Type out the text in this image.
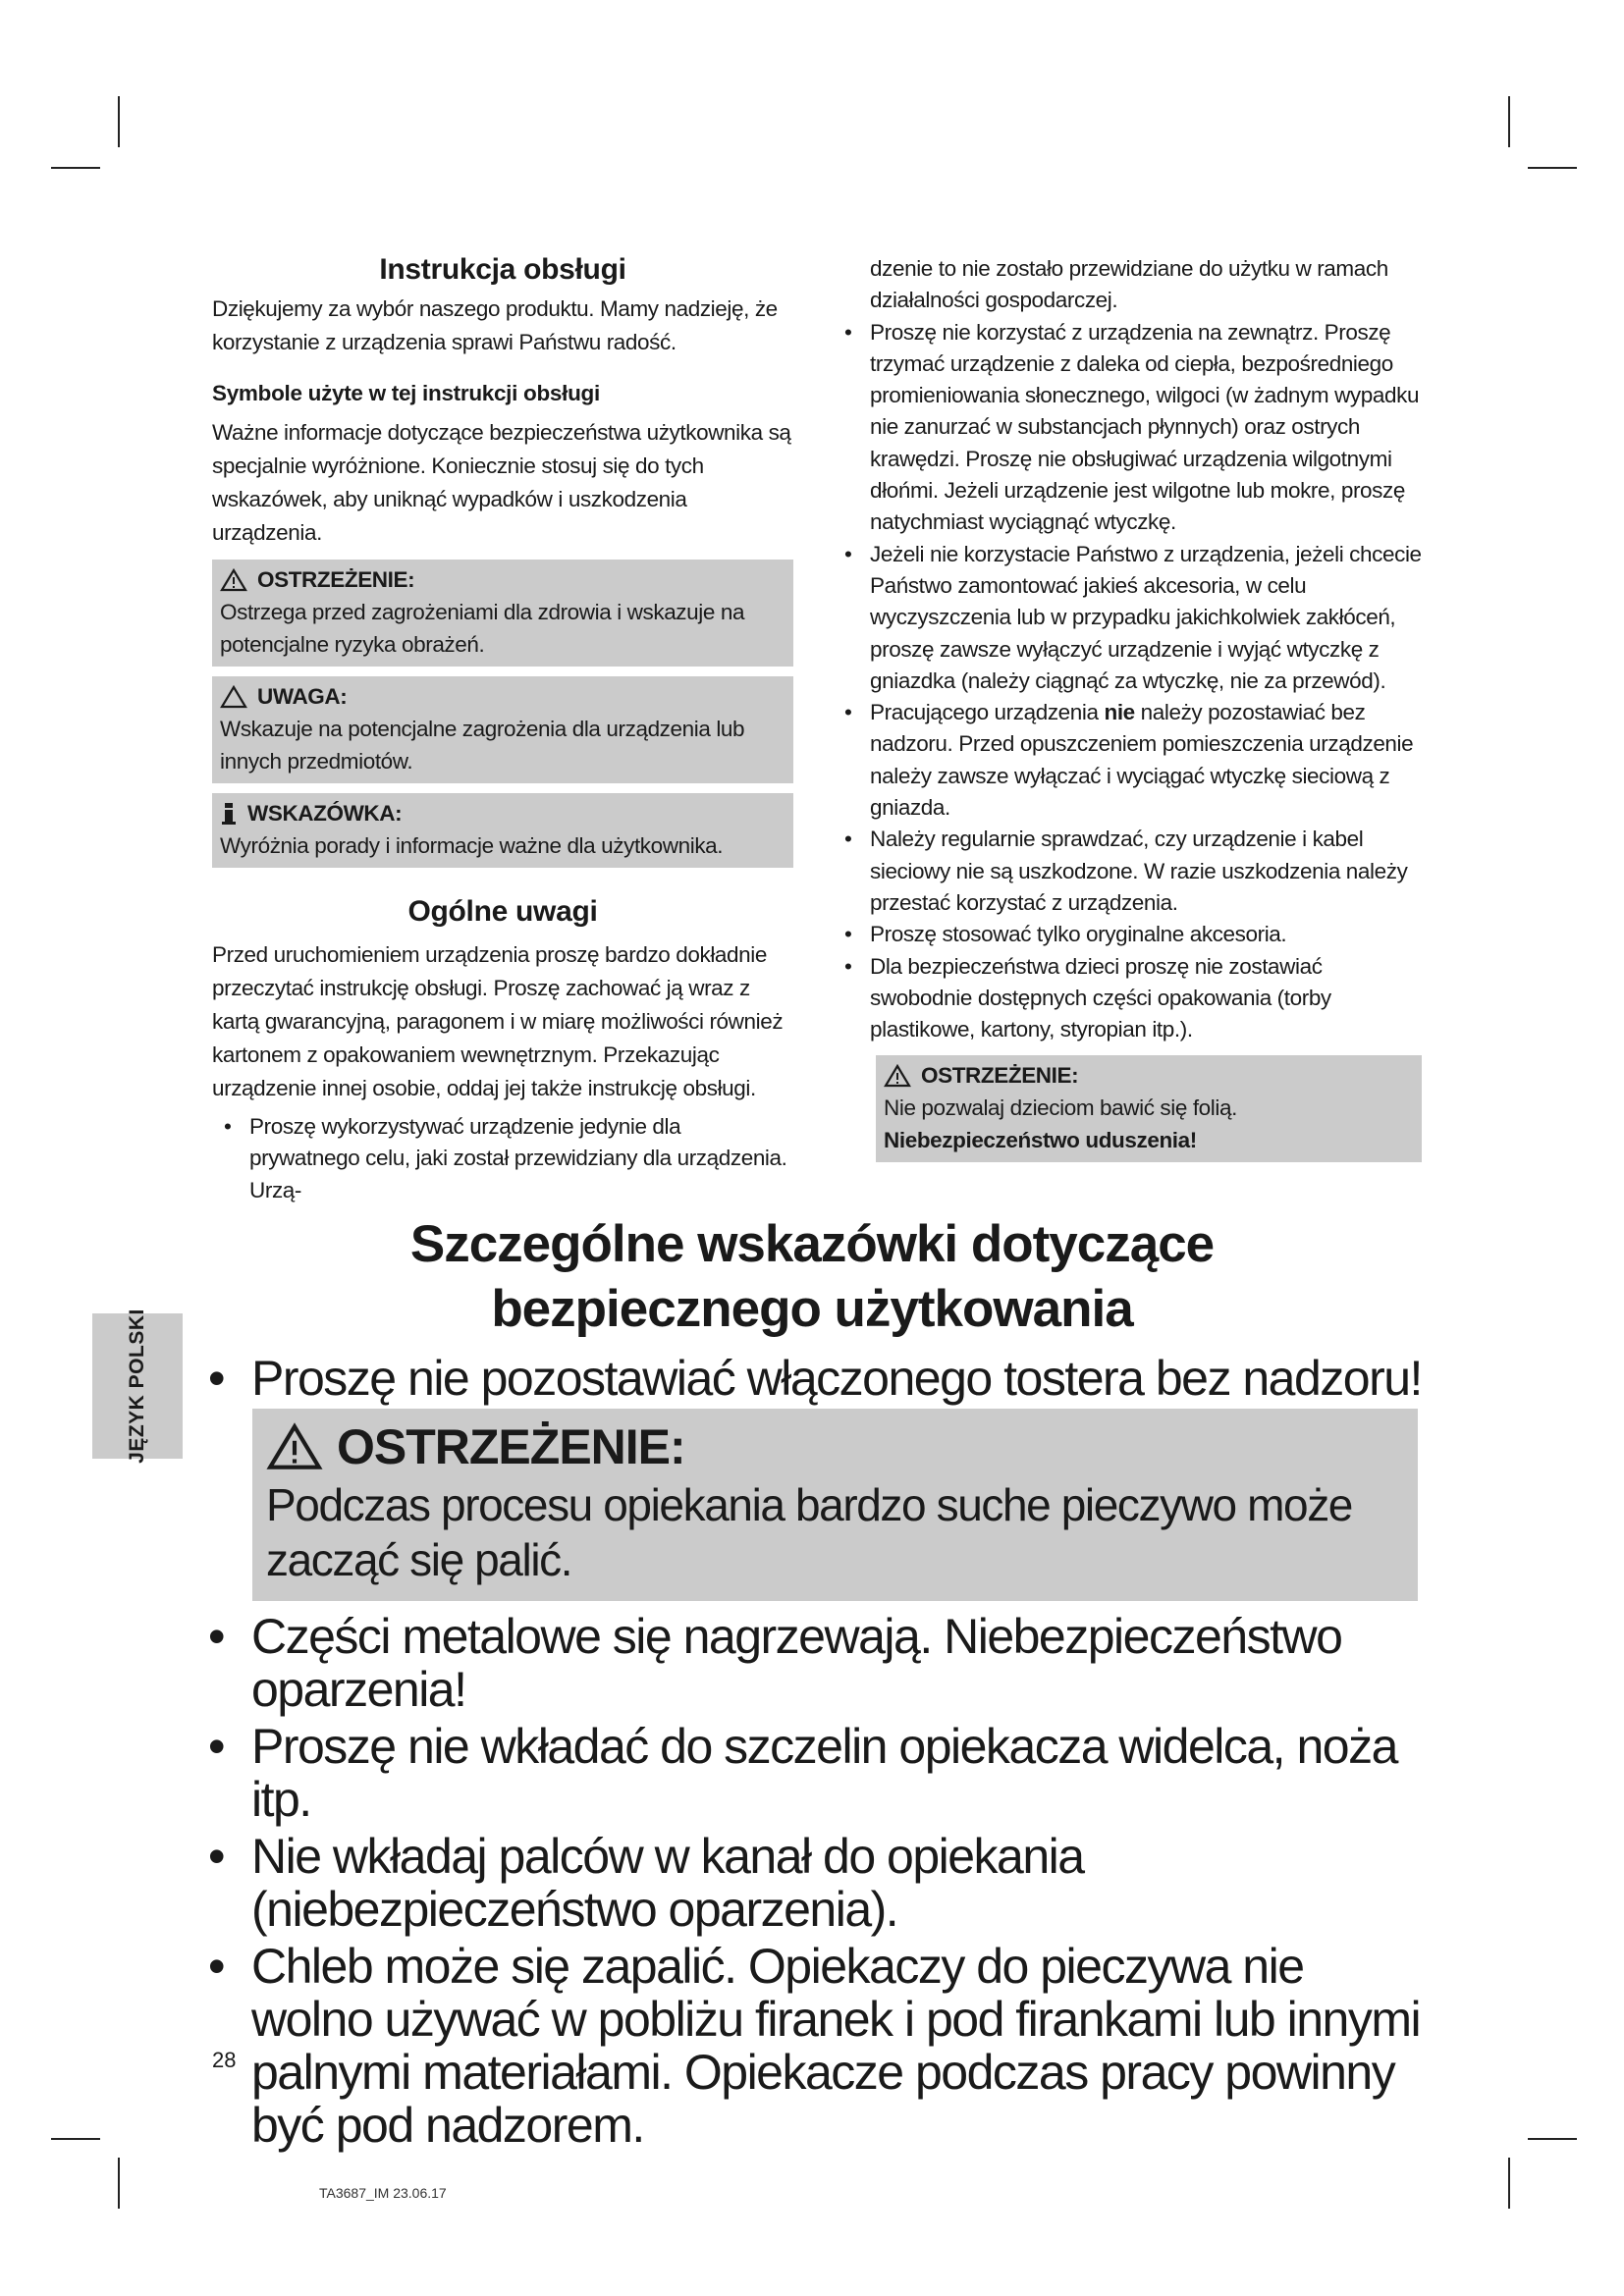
Instrukcja obsługi

Dziękujemy za wybór naszego produktu. Mamy nadzieję, że korzystanie z urządzenia sprawi Państwu radość.

Symbole użyte w tej instrukcji obsługi

Ważne informacje dotyczące bezpieczeństwa użytkownika są specjalnie wyróżnione. Koniecznie stosuj się do tych wskazówek, aby uniknąć wypadków i uszkodzenia urządzenia.

OSTRZEŻENIE:
Ostrzega przed zagrożeniami dla zdrowia i wskazuje na potencjalne ryzyka obrażeń.
UWAGA:
Wskazuje na potencjalne zagrożenia dla urządzenia lub innych przedmiotów.
WSKAZÓWKA:
Wyróżnia porady i informacje ważne dla użytkownika.
Ogólne uwagi

Przed uruchomieniem urządzenia proszę bardzo dokładnie przeczytać instrukcję obsługi. Proszę zachować ją wraz z kartą gwarancyjną, paragonem i w miarę możliwości również kartonem z opakowaniem wewnętrznym. Przekazując urządzenie innej osobie, oddaj jej także instrukcję obsługi.

• Proszę wykorzystywać urządzenie jedynie dla prywatnego celu, jaki został przewidziany dla urządzenia. Urzą-

dzenie to nie zostało przewidziane do użytku w ramach działalności gospodarczej.

• Proszę nie korzystać z urządzenia na zewnątrz. Proszę trzymać urządzenie z daleka od ciepła, bezpośredniego promieniowania słonecznego, wilgoci (w żadnym wypadku nie zanurzać w substancjach płynnych) oraz ostrych krawędzi. Proszę nie obsługiwać urządzenia wilgotnymi dłońmi. Jeżeli urządzenie jest wilgotne lub mokre, proszę natychmiast wyciągnąć wtyczkę.
• Jeżeli nie korzystacie Państwo z urządzenia, jeżeli chcecie Państwo zamontować jakieś akcesoria, w celu wyczyszczenia lub w przypadku jakichkolwiek zakłóceń, proszę zawsze wyłączyć urządzenie i wyjąć wtyczkę z gniazdka (należy ciągnąć za wtyczkę, nie za przewód).
• Pracującego urządzenia nie należy pozostawiać bez nadzoru. Przed opuszczeniem pomieszczenia urządzenie należy zawsze wyłączać i wyciągać wtyczkę sieciową z gniazda.
• Należy regularnie sprawdzać, czy urządzenie i kabel sieciowy nie są uszkodzone. W razie uszkodzenia należy przestać korzystać z urządzenia.
• Proszę stosować tylko oryginalne akcesoria.
• Dla bezpieczeństwa dzieci proszę nie zostawiać swobodnie dostępnych części opakowania (torby plastikowe, kartony, styropian itp.).
OSTRZEŻENIE:
Nie pozwalaj dzieciom bawić się folią. Niebezpieczeństwo uduszenia!
JĘZYK POLSKI
Szczególne wskazówki dotyczące
bezpiecznego użytkowania
• Proszę nie pozostawiać włączonego tostera bez nadzoru!
OSTRZEŻENIE:
Podczas procesu opiekania bardzo suche pieczywo może zacząć się palić.
• Części metalowe się nagrzewają. Niebezpieczeństwo oparzenia!
• Proszę nie wkładać do szczelin opiekacza widelca, noża itp.
• Nie wkładaj palców w kanał do opiekania (niebezpieczeństwo oparzenia).
• Chleb może się zapalić. Opiekaczy do pieczywa nie wolno używać w pobliżu firanek i pod firankami lub innymi palnymi materiałami. Opiekacze podczas pracy powinny być pod nadzorem.
28
TA3687_IM 23.06.17
